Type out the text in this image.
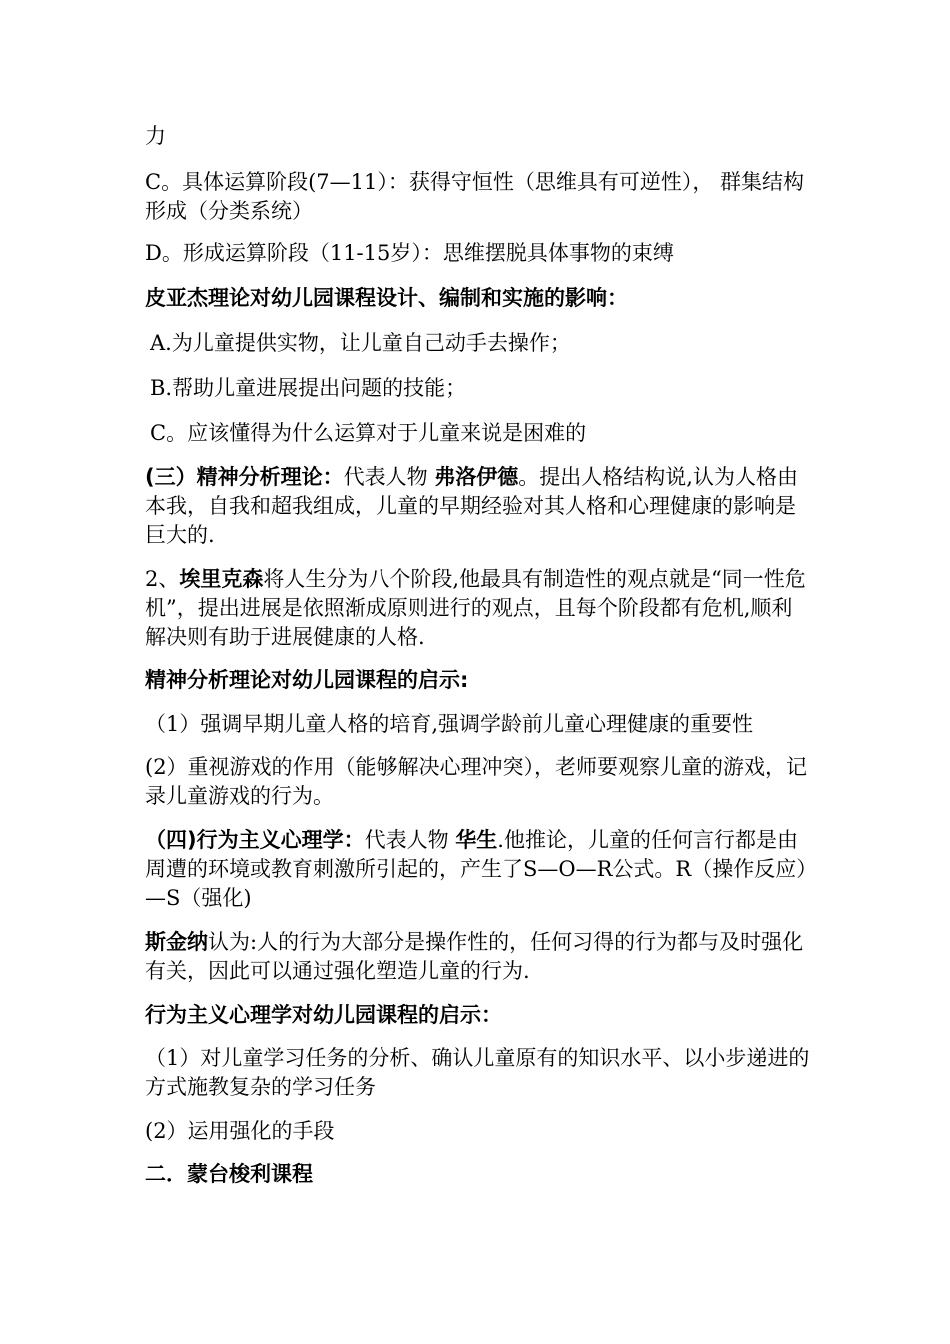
力

C。具体运算阶段(7—11）：获得守恒性（思维具有可逆性）， 群集结构形成（分类系统）

D。形成运算阶段（11-15岁）：思维摆脱具体事物的束缚

皮亚杰理论对幼儿园课程设计、编制和实施的影响：

A.为儿童提供实物，让儿童自己动手去操作；

B.帮助儿童进展提出问题的技能；

C。应该懂得为什么运算对于儿童来说是困难的

(三）精神分析理论：代表人物 弗洛伊德。提出人格结构说,认为人格由本我，自我和超我组成，儿童的早期经验对其人格和心理健康的影响是巨大的.

2、埃里克森将人生分为八个阶段,他最具有制造性的观点就是“同一性危机”，提出进展是依照渐成原则进行的观点，且每个阶段都有危机,顺利解决则有助于进展健康的人格.

精神分析理论对幼儿园课程的启示:

（1）强调早期儿童人格的培育,强调学龄前儿童心理健康的重要性

(2）重视游戏的作用（能够解决心理冲突），老师要观察儿童的游戏，记录儿童游戏的行为。

（四)行为主义心理学：代表人物 华生.他推论，儿童的任何言行都是由周遭的环境或教育刺激所引起的，产生了S—O—R公式。R（操作反应）—S（强化)

斯金纳认为:人的行为大部分是操作性的，任何习得的行为都与及时强化有关，因此可以通过强化塑造儿童的行为.

行为主义心理学对幼儿园课程的启示：

（1）对儿童学习任务的分析、确认儿童原有的知识水平、以小步递进的方式施教复杂的学习任务

(2）运用强化的手段

二．蒙台梭利课程
